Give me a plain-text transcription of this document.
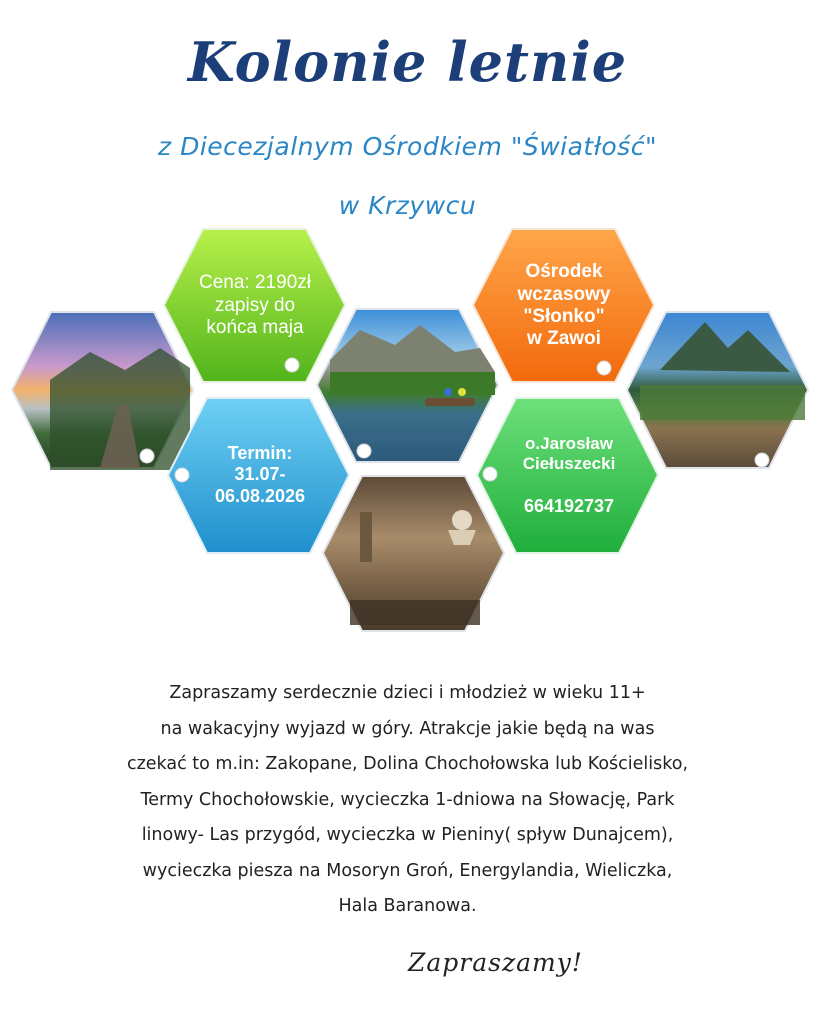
Kolonie letnie
z Diecezjalnym Ośrodkiem "Światłość"
w Krzywcu
Cena: 2190zł
zapisy do
końca maja
Ośrodek
wczasowy
"Słonko"
w Zawoi
Termin:
31.07-
06.08.2026
o.Jarosław
Ciełuszecki
664192737
Zapraszamy serdecznie dzieci i młodzież w wieku 11+
na wakacyjny wyjazd w góry. Atrakcje jakie będą na was
czekać to m.in: Zakopane, Dolina Chochołowska lub Kościelisko,
Termy Chochołowskie, wycieczka 1-dniowa na Słowację, Park
linowy- Las przygód, wycieczka w Pieniny( spływ Dunajcem),
wycieczka piesza na Mosoryn Groń, Energylandia, Wieliczka,
Hala Baranowa.
Zapraszamy!
